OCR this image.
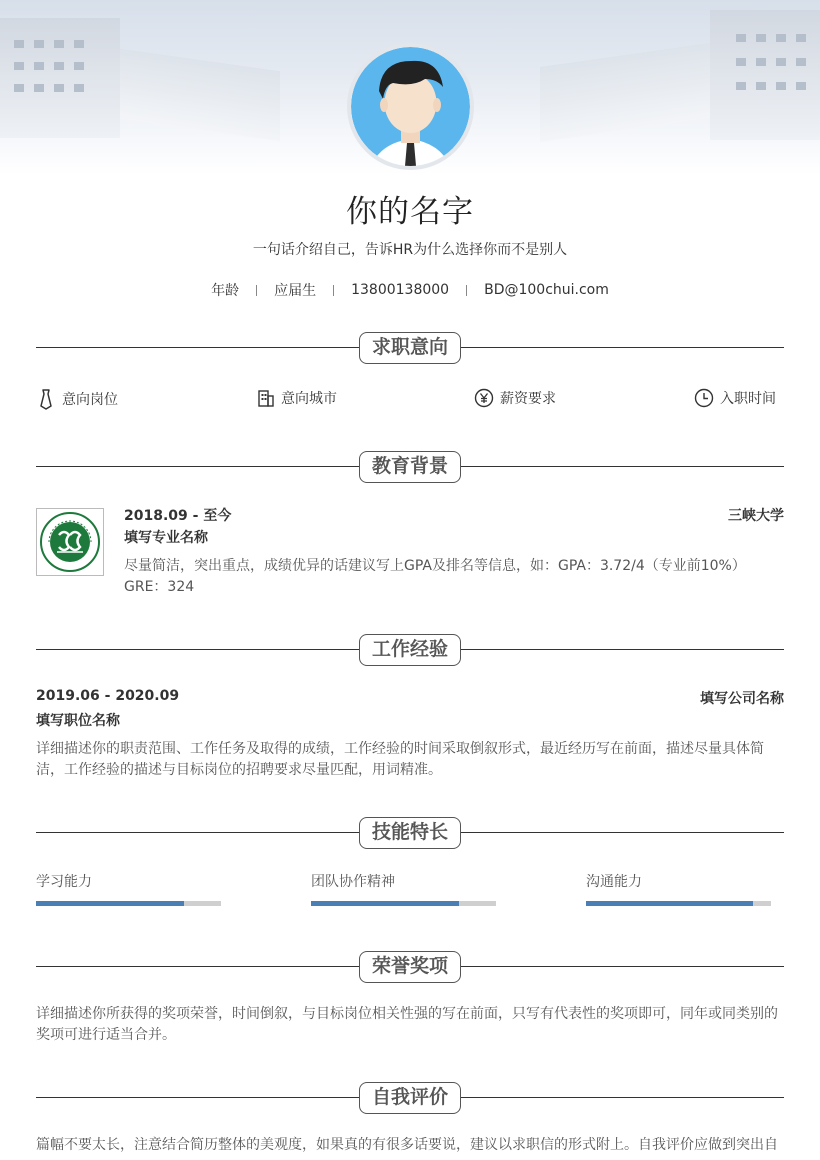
你的名字
一句话介绍自己，告诉HR为什么选择你而不是别人
年龄	应届生	13800138000	BD@100chui.com
求职意向
意向岗位	意向城市	薪资要求	入职时间
教育背景
2018.09 - 至今	三峡大学
填写专业名称
尽量简洁，突出重点，成绩优异的话建议写上GPA及排名等信息，如：GPA：3.72/4（专业前10%） GRE：324
工作经验
2019.06 - 2020.09	填写公司名称
填写职位名称
详细描述你的职责范围、工作任务及取得的成绩，工作经验的时间采取倒叙形式，最近经历写在前面，描述尽量具体简洁，工作经验的描述与目标岗位的招聘要求尽量匹配，用词精准。
技能特长
学习能力	团队协作精神	沟通能力
荣誉奖项
详细描述你所获得的奖项荣誉，时间倒叙，与目标岗位相关性强的写在前面，只写有代表性的奖项即可，同年或同类别的奖项可进行适当合并。
自我评价
篇幅不要太长，注意结合简历整体的美观度，如果真的有很多话要说，建议以求职信的形式附上。自我评价应做到突出自
